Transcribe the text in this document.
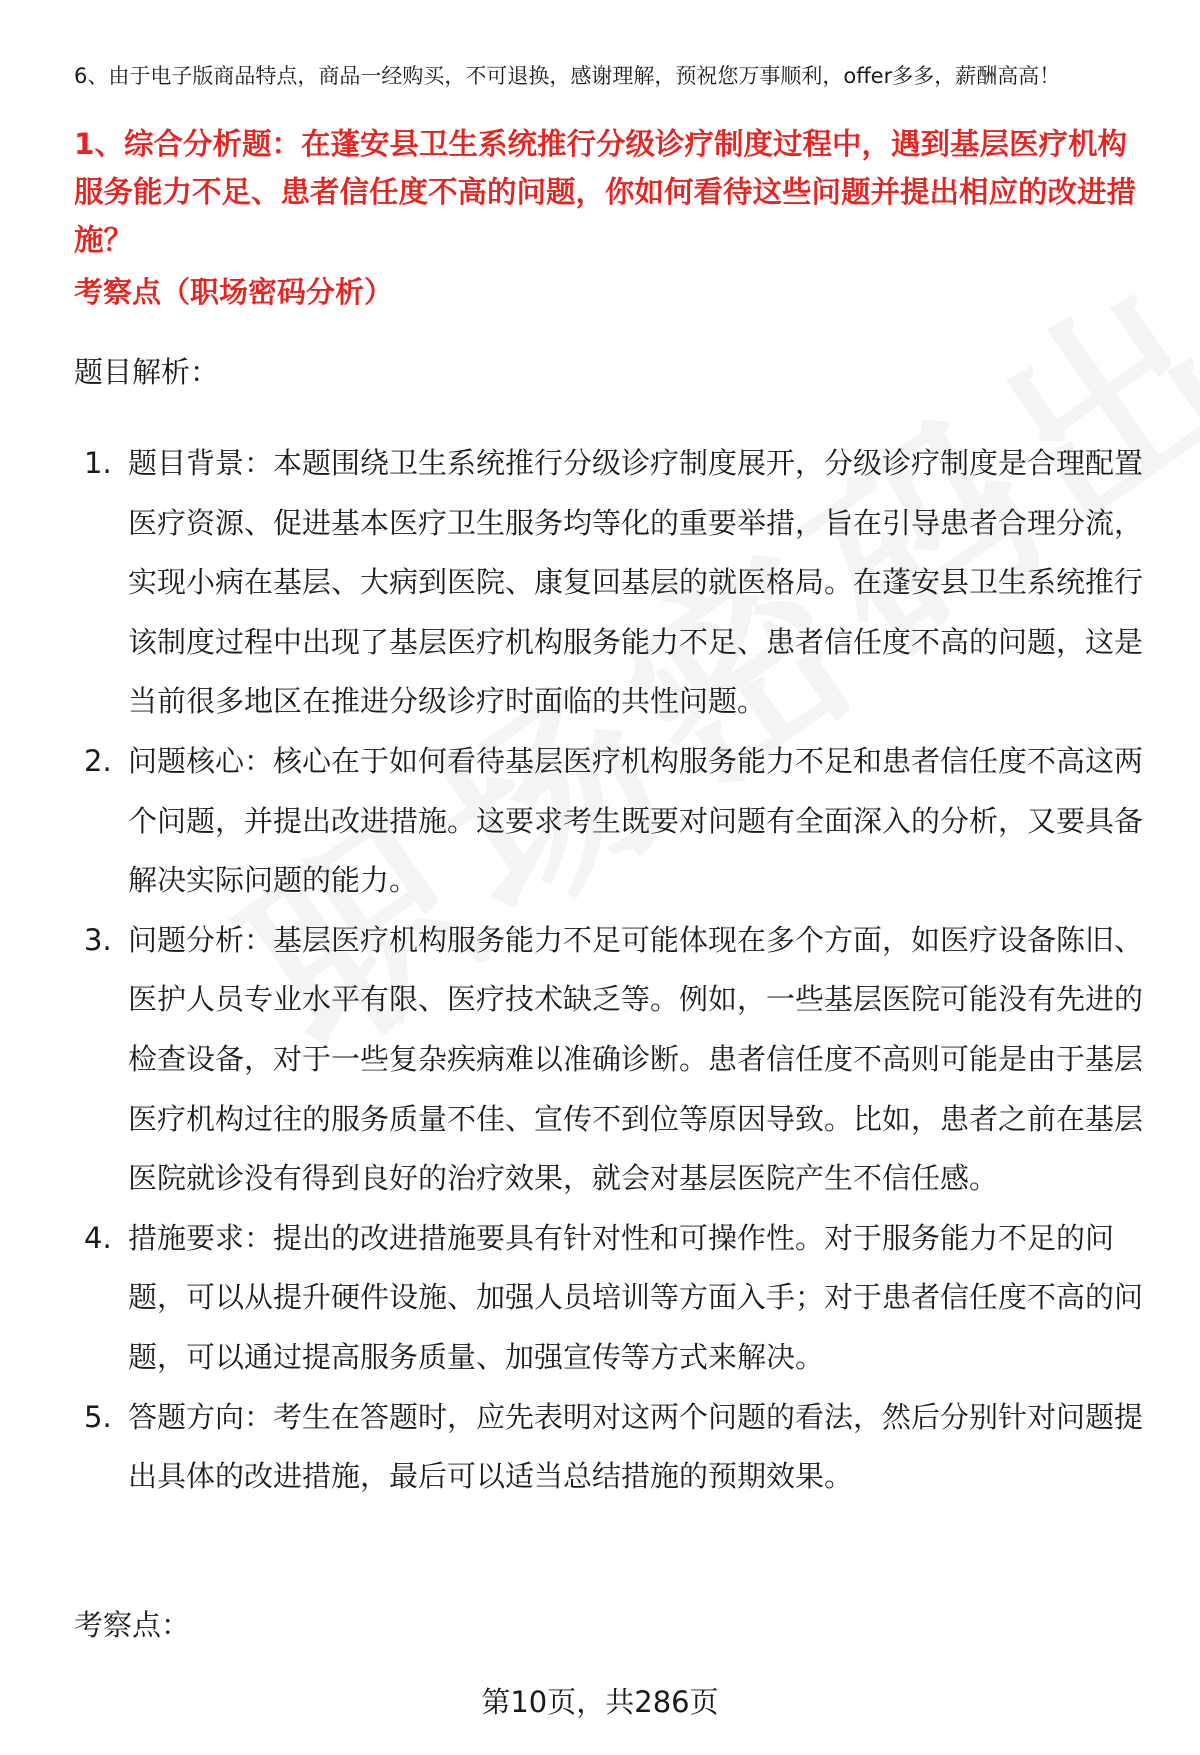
6、由于电子版商品特点，商品一经购买，不可退换，感谢理解，预祝您万事顺利，offer多多，薪酬高高！
1、综合分析题：在蓬安县卫生系统推行分级诊疗制度过程中，遇到基层医疗机构服务能力不足、患者信任度不高的问题，你如何看待这些问题并提出相应的改进措施？
考察点（职场密码分析）
题目解析：
1. 题目背景：本题围绕卫生系统推行分级诊疗制度展开，分级诊疗制度是合理配置医疗资源、促进基本医疗卫生服务均等化的重要举措，旨在引导患者合理分流，实现小病在基层、大病到医院、康复回基层的就医格局。在蓬安县卫生系统推行该制度过程中出现了基层医疗机构服务能力不足、患者信任度不高的问题，这是当前很多地区在推进分级诊疗时面临的共性问题。
2. 问题核心：核心在于如何看待基层医疗机构服务能力不足和患者信任度不高这两个问题，并提出改进措施。这要求考生既要对问题有全面深入的分析，又要具备解决实际问题的能力。
3. 问题分析：基层医疗机构服务能力不足可能体现在多个方面，如医疗设备陈旧、医护人员专业水平有限、医疗技术缺乏等。例如，一些基层医院可能没有先进的检查设备，对于一些复杂疾病难以准确诊断。患者信任度不高则可能是由于基层医疗机构过往的服务质量不佳、宣传不到位等原因导致。比如，患者之前在基层医院就诊没有得到良好的治疗效果，就会对基层医院产生不信任感。
4. 措施要求：提出的改进措施要具有针对性和可操作性。对于服务能力不足的问题，可以从提升硬件设施、加强人员培训等方面入手；对于患者信任度不高的问题，可以通过提高服务质量、加强宣传等方式来解决。
5. 答题方向：考生在答题时，应先表明对这两个问题的看法，然后分别针对问题提出具体的改进措施，最后可以适当总结措施的预期效果。
考察点：
第10页，共286页
